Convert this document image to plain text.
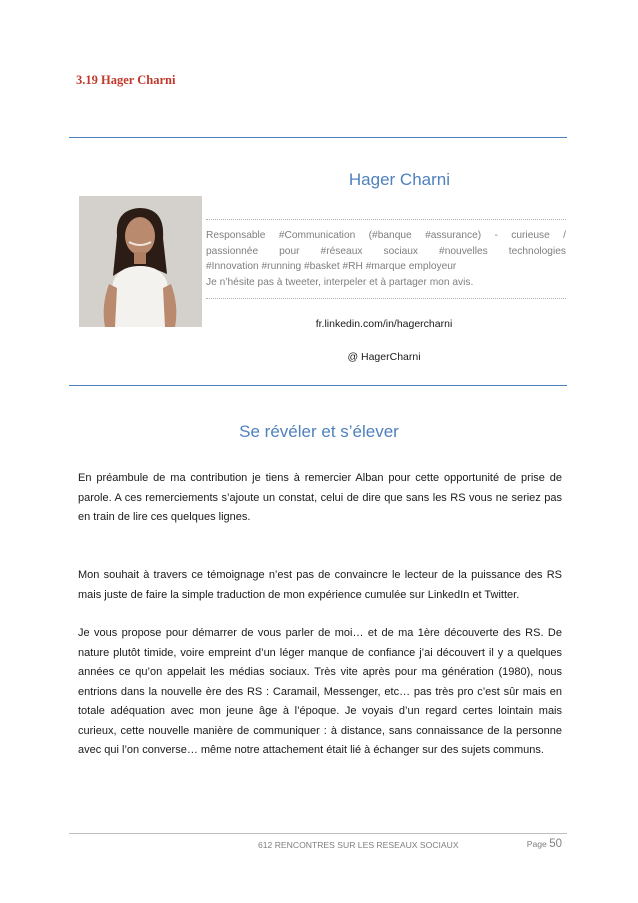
3.19 Hager Charni
Hager Charni
Responsable #Communication (#banque #assurance) - curieuse /
passionnée pour #réseaux sociaux #nouvelles technologies
#Innovation #running #basket #RH #marque employeur
Je n’hésite pas à tweeter, interpeler et à partager mon avis.
fr.linkedin.com/in/hagercharni
@ HagerCharni
Se révéler et s’élever

En préambule de ma contribution je tiens à remercier Alban pour cette opportunité de prise de parole. A ces remerciements s’ajoute un constat, celui de dire que sans les RS vous ne seriez pas en train de lire ces quelques lignes.

Mon souhait à travers ce témoignage n’est pas de convaincre le lecteur de la puissance des RS mais juste de faire la simple traduction de mon expérience cumulée sur LinkedIn et Twitter.

Je vous propose pour démarrer de vous parler de moi… et de ma 1ère découverte des RS. De nature plutôt timide, voire empreint d’un léger manque de confiance j’ai découvert il y a quelques années ce qu’on appelait les médias sociaux. Très vite après pour ma génération (1980), nous entrions dans la nouvelle ère des RS : Caramail, Messenger, etc… pas très pro c’est sûr mais en totale adéquation avec mon jeune âge à l’époque. Je voyais d’un regard certes lointain mais curieux, cette nouvelle manière de communiquer : à distance, sans connaissance de la personne avec qui l’on converse… même notre attachement était lié à échanger sur des sujets communs.

612 RENCONTRES SUR LES RESEAUX SOCIAUX	Page 50
